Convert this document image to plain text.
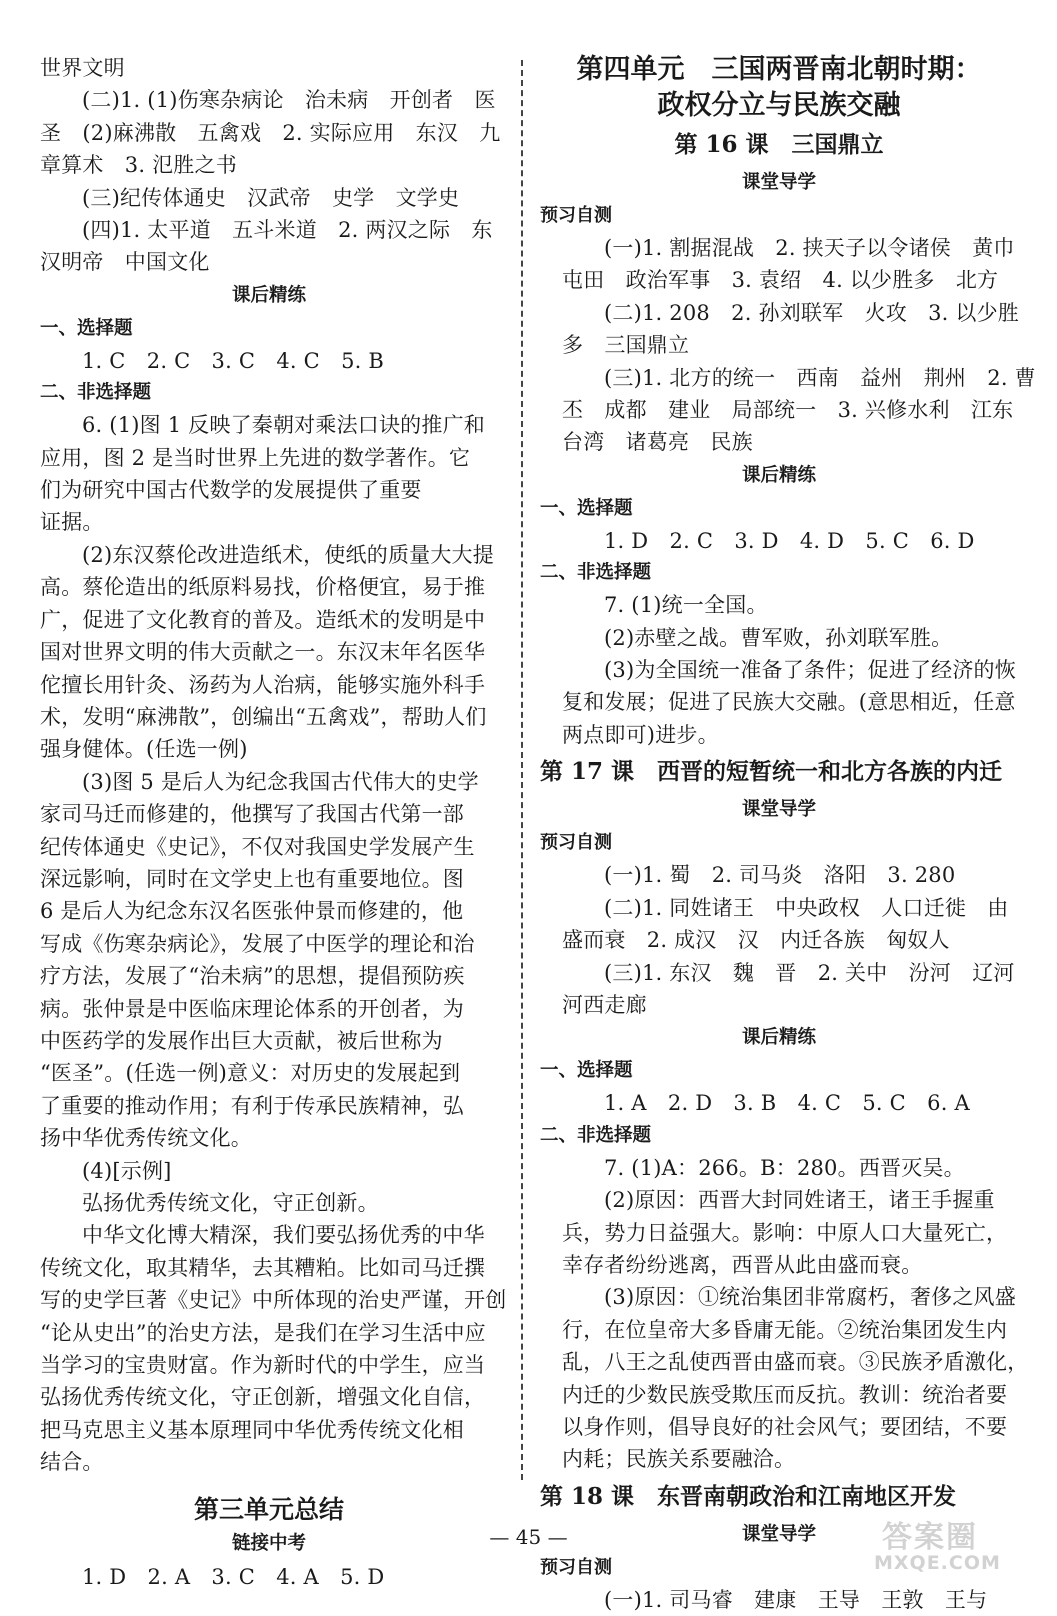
世界文明
(二)1. (1)伤寒杂病论　治未病　开创者　医
圣　(2)麻沸散　五禽戏　2. 实际应用　东汉　九
章算术　3. 氾胜之书
(三)纪传体通史　汉武帝　史学　文学史
(四)1. 太平道　五斗米道　2. 两汉之际　东
汉明帝　中国文化
课后精练
一、选择题
1. C　2. C　3. C　4. C　5. B
二、非选择题
6. (1)图 1 反映了秦朝对乘法口诀的推广和
应用，图 2 是当时世界上先进的数学著作。它
们为研究中国古代数学的发展提供了重要
证据。
(2)东汉蔡伦改进造纸术，使纸的质量大大提
高。蔡伦造出的纸原料易找，价格便宜，易于推
广，促进了文化教育的普及。造纸术的发明是中
国对世界文明的伟大贡献之一。东汉末年名医华
佗擅长用针灸、汤药为人治病，能够实施外科手
术，发明“麻沸散”，创编出“五禽戏”，帮助人们
强身健体。(任选一例)
(3)图 5 是后人为纪念我国古代伟大的史学
家司马迁而修建的，他撰写了我国古代第一部
纪传体通史《史记》，不仅对我国史学发展产生
深远影响，同时在文学史上也有重要地位。图
6 是后人为纪念东汉名医张仲景而修建的，他
写成《伤寒杂病论》，发展了中医学的理论和治
疗方法，发展了“治未病”的思想，提倡预防疾
病。张仲景是中医临床理论体系的开创者，为
中医药学的发展作出巨大贡献，被后世称为
“医圣”。(任选一例)意义：对历史的发展起到
了重要的推动作用；有利于传承民族精神，弘
扬中华优秀传统文化。
(4)[示例]
弘扬优秀传统文化，守正创新。
中华文化博大精深，我们要弘扬优秀的中华
传统文化，取其精华，去其糟粕。比如司马迁撰
写的史学巨著《史记》中所体现的治史严谨，开创
“论从史出”的治史方法，是我们在学习生活中应
当学习的宝贵财富。作为新时代的中学生，应当
弘扬优秀传统文化，守正创新，增强文化自信，
把马克思主义基本原理同中华优秀传统文化相
结合。
第三单元总结
链接中考
1. D　2. A　3. C　4. A　5. D
第四单元　三国两晋南北朝时期：
政权分立与民族交融
第 16 课　三国鼎立
课堂导学
预习自测
(一)1. 割据混战　2. 挟天子以令诸侯　黄巾
屯田　政治军事　3. 袁绍　4. 以少胜多　北方
(二)1. 208　2. 孙刘联军　火攻　3. 以少胜
多　三国鼎立
(三)1. 北方的统一　西南　益州　荆州　2. 曹
丕　成都　建业　局部统一　3. 兴修水利　江东
台湾　诸葛亮　民族
课后精练
一、选择题
1. D　2. C　3. D　4. D　5. C　6. D
二、非选择题
7. (1)统一全国。
(2)赤壁之战。曹军败，孙刘联军胜。
(3)为全国统一准备了条件；促进了经济的恢
复和发展；促进了民族大交融。(意思相近，任意
两点即可)进步。
第 17 课　西晋的短暂统一和北方各族的内迁
课堂导学
预习自测
(一)1. 蜀　2. 司马炎　洛阳　3. 280
(二)1. 同姓诸王　中央政权　人口迁徙　由
盛而衰　2. 成汉　汉　内迁各族　匈奴人
(三)1. 东汉　魏　晋　2. 关中　汾河　辽河
河西走廊
课后精练
一、选择题
1. A　2. D　3. B　4. C　5. C　6. A
二、非选择题
7. (1)A：266。B：280。西晋灭吴。
(2)原因：西晋大封同姓诸王，诸王手握重
兵，势力日益强大。影响：中原人口大量死亡，
幸存者纷纷逃离，西晋从此由盛而衰。
(3)原因：①统治集团非常腐朽，奢侈之风盛
行，在位皇帝大多昏庸无能。②统治集团发生内
乱，八王之乱使西晋由盛而衰。③民族矛盾激化，
内迁的少数民族受欺压而反抗。教训：统治者要
以身作则，倡导良好的社会风气；要团结，不要
内耗；民族关系要融洽。
第 18 课　东晋南朝政治和江南地区开发
课堂导学
预习自测
(一)1. 司马睿　建康　王导　王敦　王与
— 45 —	答案圈
MXQE.COM
